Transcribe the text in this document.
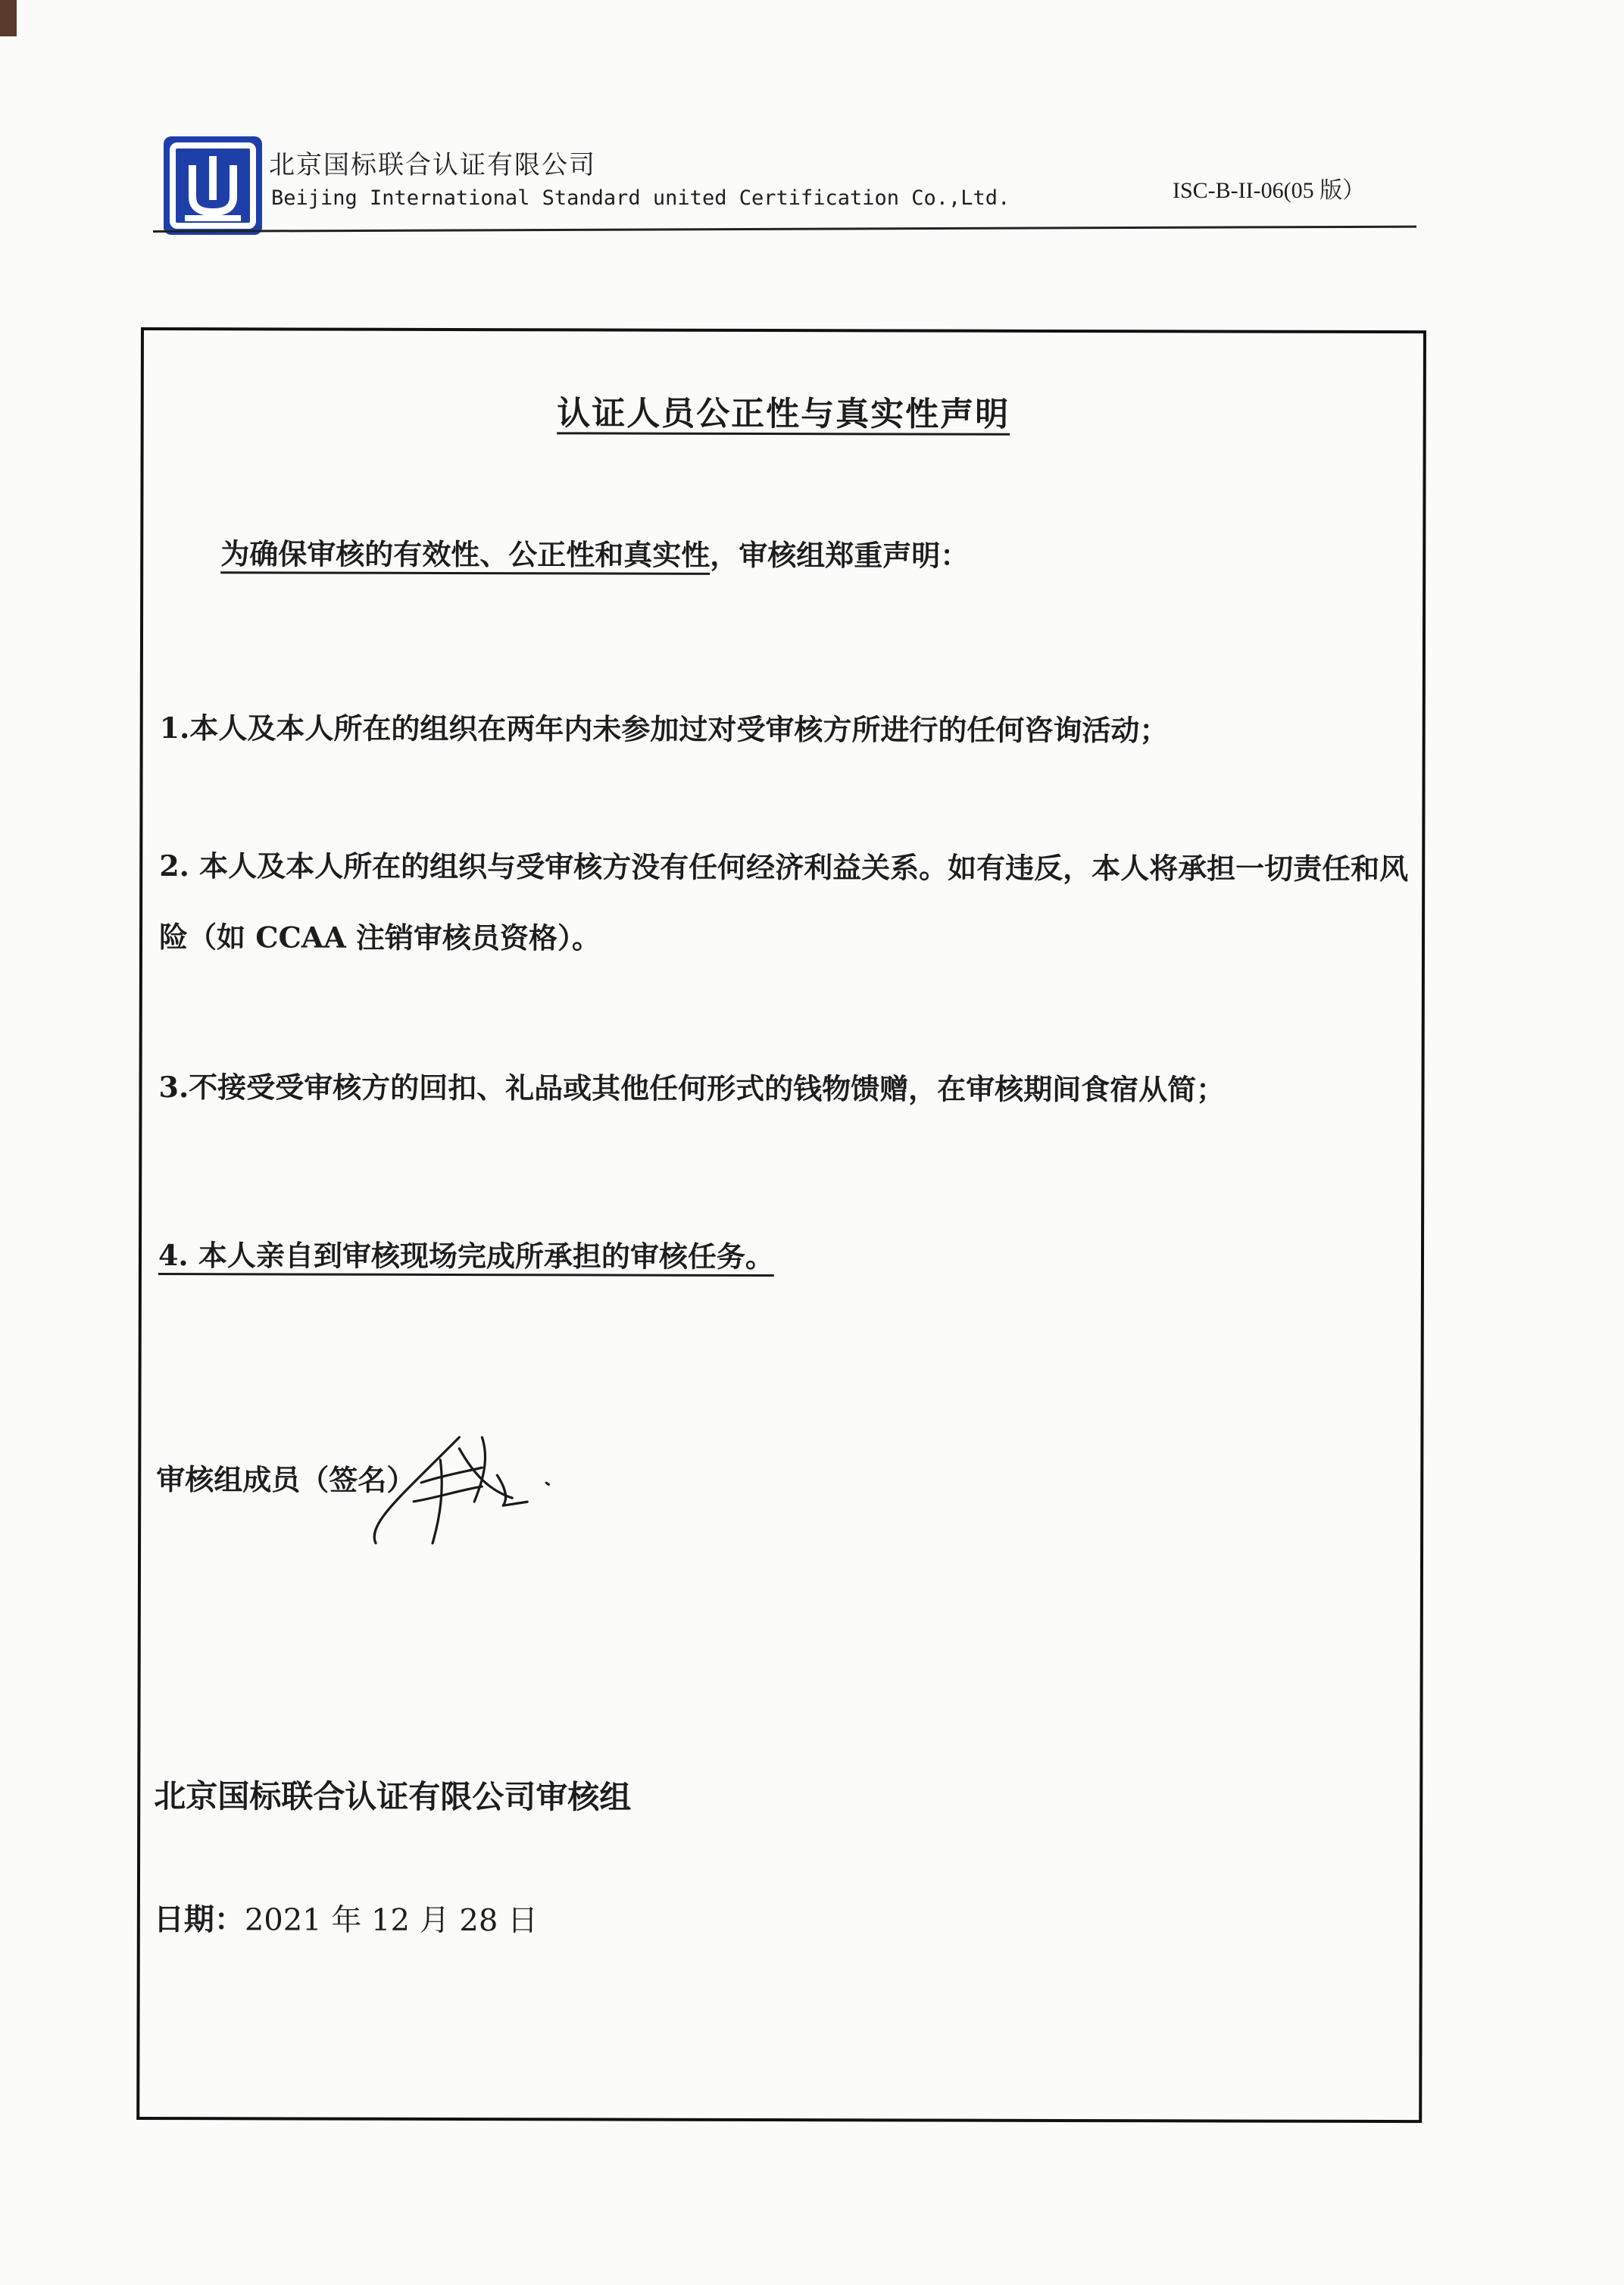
北京国标联合认证有限公司
Beijing International Standard united Certification Co.,Ltd.	ISC-B-II-06(05 版）
认证人员公正性与真实性声明
为确保审核的有效性、公正性和真实性，审核组郑重声明：
1.本人及本人所在的组织在两年内未参加过对受审核方所进行的任何咨询活动；
2. 本人及本人所在的组织与受审核方没有任何经济利益关系。如有违反，本人将承担一切责任和风险（如 CCAA 注销审核员资格）。
3.不接受受审核方的回扣、礼品或其他任何形式的钱物馈赠，在审核期间食宿从简；
4. 本人亲自到审核现场完成所承担的审核任务。
审核组成员（签名）
北京国标联合认证有限公司审核组
日期：2021 年 12 月 28 日
